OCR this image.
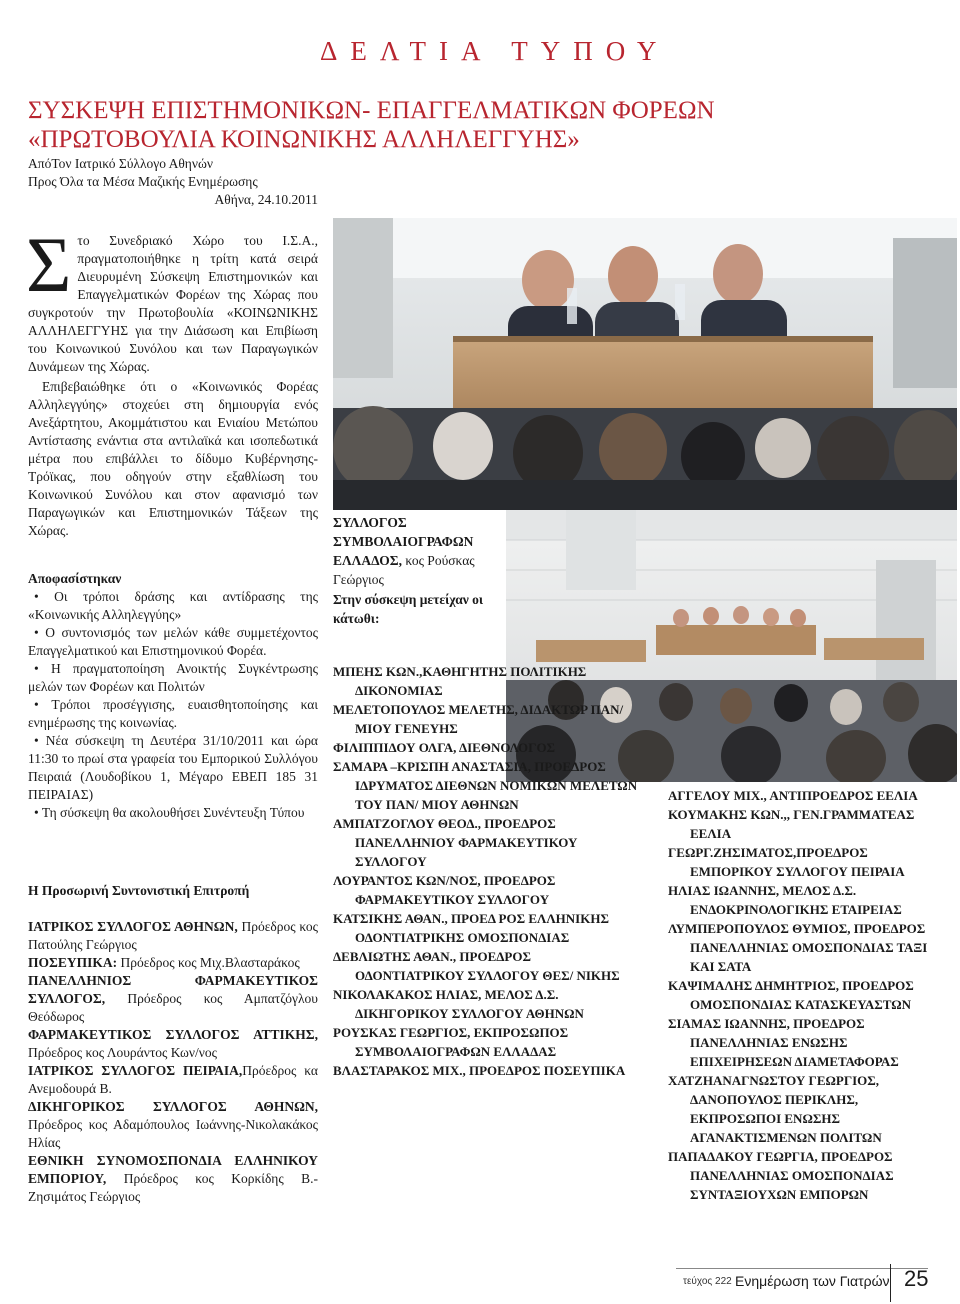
ΔΕΛΤΙΑ ΤΥΠΟΥ
ΣΥΣΚΕΨΗ ΕΠΙΣΤΗΜΟΝΙΚΩΝ- ΕΠΑΓΓΕΛΜΑΤΙΚΩΝ ΦΟΡΕΩΝ
«ΠΡΩΤΟΒΟΥΛΙΑ ΚΟΙΝΩΝΙΚΗΣ ΑΛΛΗΛΕΓΓΥΗΣ»
ΑπόΤον Ιατρικό Σύλλογο Αθηνών
Προς Όλα τα Μέσα Μαζικής Ενημέρωσης
Αθήνα, 24.10.2011
Σ το Συνεδριακό Χώρο του Ι.Σ.Α., πραγματοποιήθηκε η τρίτη κατά σειρά Διευρυμένη Σύσκεψη Επιστημονικών και Επαγγελματικών Φορέων της Χώρας που συγκροτούν την Πρωτοβουλία «ΚΟΙΝΩΝΙΚΗΣ ΑΛΛΗΛΕΓΓΥΗΣ για την Διάσωση και Επιβίωση του Κοινωνικού Συνόλου και των Παραγωγικών Δυνάμεων της Χώρας.
Επιβεβαιώθηκε ότι ο «Κοινωνικός Φορέας Αλληλεγγύης» στοχεύει στη δημιουργία ενός Ανεξάρτητου, Ακομμάτιστου και Ενιαίου Μετώπου Αντίστασης ενάντια στα αντιλαϊκά και ισοπεδωτικά μέτρα που επιβάλλει το δίδυμο Κυβέρνησης-Τρόϊκας, που οδηγούν στην εξαθλίωση του Κοινωνικού Συνόλου και στον αφανισμό των Παραγωγικών και Επιστημονικών Τάξεων της Χώρας.

Αποφασίστηκαν

• Οι τρόποι δράσης και αντίδρασης της «Κοινωνικής Αλληλεγγύης»

• Ο συντονισμός των μελών κάθε συμμετέχοντος Επαγγελματικού και Επιστημονικού Φορέα.

• Η πραγματοποίηση Ανοικτής Συγκέντρωσης μελών των Φορέων και Πολιτών

• Τρόποι προσέγγισης, ευαισθητοποίησης και ενημέρωσης της κοινωνίας.

• Νέα σύσκεψη τη Δευτέρα 31/10/2011 και ώρα 11:30 το πρωί στα γραφεία του Εμπορικού Συλλόγου Πειραιά (Λουδοβίκου 1, Μέγαρο ΕΒΕΠ 185 31 ΠΕΙΡΑΙΑΣ)

• Τη σύσκεψη θα ακολουθήσει Συνέντευξη Τύπου

Η Προσωρινή Συντονιστική Επιτροπή

ΙΑΤΡΙΚΟΣ ΣΥΛΛΟΓΟΣ ΑΘΗΝΩΝ, Πρόεδρος κος Πατούλης Γεώργιος

ΠΟΣΕΥΠΙΚΑ: Πρόεδρος κος Μιχ.Βλασταράκος

ΠΑΝΕΛΛΗΝΙΟΣ ΦΑΡΜΑΚΕΥΤΙΚΟΣ ΣΥΛΛΟΓΟΣ, Πρόεδρος κος Αμπατζόγλου Θεόδωρος

ΦΑΡΜΑΚΕΥΤΙΚΟΣ ΣΥΛΛΟΓΟΣ ΑΤΤΙΚΗΣ, Πρόεδρος κος Λουράντος Κων/νος

ΙΑΤΡΙΚΟΣ ΣΥΛΛΟΓΟΣ ΠΕΙΡΑΙΑ,Πρόεδρος κα Ανεμοδουρά Β.

ΔΙΚΗΓΟΡΙΚΟΣ ΣΥΛΛΟΓΟΣ ΑΘΗΝΩΝ, Πρόεδρος κος Αδαμόπουλος Ιωάννης-Νικολακάκος Ηλίας

ΕΘΝΙΚΗ ΣΥΝΟΜΟΣΠΟΝΔΙΑ ΕΛΛΗΝΙΚΟΥ ΕΜΠΟΡΙΟΥ, Πρόεδρος κος Κορκίδης Β.-Ζησιμάτος Γεώργιος

ΣΥΛΛΟΓΟΣ ΣΥΜΒΟΛΑΙΟΓΡΑΦΩΝ ΕΛΛΑΔΟΣ, κος Ρούσκας Γεώργιος
Στην σύσκεψη μετείχαν οι κάτωθι:

ΜΠΕΗΣ ΚΩΝ.,ΚΑΘΗΓΗΤΗΣ ΠΟΛΙΤΙΚΗΣ ΔΙΚΟΝΟΜΙΑΣ

ΜΕΛΕΤΟΠΟΥΛΟΣ ΜΕΛΕΤΗΣ, ΔΙΔΑΚΤΩΡ ΠΑΝ/ ΜΙΟΥ ΓΕΝΕΥΗΣ

ΦΙΛΙΠΠΙΔΟΥ ΟΛΓΑ, ΔΙΕΘΝΟΛΟΓΟΣ

ΣΑΜΑΡΑ –ΚΡΙΣΠΗ ΑΝΑΣΤΑΣΙΑ, ΠΡΟΕΔΡΟΣ ΙΔΡΥΜΑΤΟΣ ΔΙΕΘΝΩΝ ΝΟΜΙΚΩΝ ΜΕΛΕΤΩΝ ΤΟΥ ΠΑΝ/ ΜΙΟΥ ΑΘΗΝΩΝ

ΑΜΠΑΤΖΟΓΛΟΥ ΘΕΟΔ., ΠΡΟΕΔΡΟΣ ΠΑΝΕΛΛΗΝΙΟΥ ΦΑΡΜΑΚΕΥΤΙΚΟΥ ΣΥΛΛΟΓΟΥ

ΛΟΥΡΑΝΤΟΣ ΚΩΝ/ΝΟΣ, ΠΡΟΕΔΡΟΣ ΦΑΡΜΑΚΕΥΤΙΚΟΥ ΣΥΛΛΟΓΟΥ

ΚΑΤΣΙΚΗΣ ΑΘΑΝ., ΠΡΟΕΔ ΡΟΣ ΕΛΛΗΝΙΚΗΣ ΟΔΟΝΤΙΑΤΡΙΚΗΣ ΟΜΟΣΠΟΝΔΙΑΣ

ΔΕΒΛΙΩΤΗΣ ΑΘΑΝ., ΠΡΟΕΔΡΟΣ ΟΔΟΝΤΙΑΤΡΙΚΟΥ ΣΥΛΛΟΓΟΥ ΘΕΣ/ ΝΙΚΗΣ

ΝΙΚΟΛΑΚΑΚΟΣ ΗΛΙΑΣ, ΜΕΛΟΣ Δ.Σ. ΔΙΚΗΓΟΡΙΚΟΥ ΣΥΛΛΟΓΟΥ ΑΘΗΝΩΝ

ΡΟΥΣΚΑΣ ΓΕΩΡΓΙΟΣ, ΕΚΠΡΟΣΩΠΟΣ ΣΥΜΒΟΛΑΙΟΓΡΑΦΩΝ ΕΛΛΑΔΑΣ

ΒΛΑΣΤΑΡΑΚΟΣ ΜΙΧ., ΠΡΟΕΔΡΟΣ ΠΟΣΕΥΠΙΚΑ

ΑΓΓΕΛΟΥ ΜΙΧ., ΑΝΤΙΠΡΟΕΔΡΟΣ ΕΕΛΙΑ

ΚΟΥΜΑΚΗΣ ΚΩΝ.,, ΓΕΝ.ΓΡΑΜΜΑΤΕΑΣ ΕΕΛΙΑ

ΓΕΩΡΓ.ΖΗΣΙΜΑΤΟΣ,ΠΡΟΕΔΡΟΣ ΕΜΠΟΡΙΚΟΥ ΣΥΛΛΟΓΟΥ ΠΕΙΡΑΙΑ

ΗΛΙΑΣ ΙΩΑΝΝΗΣ, ΜΕΛΟΣ Δ.Σ. ΕΝΔΟΚΡΙΝΟΛΟΓΙΚΗΣ ΕΤΑΙΡΕΙΑΣ

ΛΥΜΠΕΡΟΠΟΥΛΟΣ ΘΥΜΙΟΣ, ΠΡΟΕΔΡΟΣ ΠΑΝΕΛΛΗΝΙΑΣ ΟΜΟΣΠΟΝΔΙΑΣ ΤΑΞΙ ΚΑΙ ΣΑΤΑ

ΚΑΨΙΜΑΛΗΣ ΔΗΜΗΤΡΙΟΣ, ΠΡΟΕΔΡΟΣ ΟΜΟΣΠΟΝΔΙΑΣ ΚΑΤΑΣΚΕΥΑΣΤΩΝ

ΣΙΑΜΑΣ ΙΩΑΝΝΗΣ, ΠΡΟΕΔΡΟΣ ΠΑΝΕΛΛΗΝΙΑΣ ΕΝΩΣΗΣ ΕΠΙΧΕΙΡΗΣΕΩΝ ΔΙΑΜΕΤΑΦΟΡΑΣ

ΧΑΤΖΗΑΝΑΓΝΩΣΤΟΥ ΓΕΩΡΓΙΟΣ, ΔΑΝΟΠΟΥΛΟΣ ΠΕΡΙΚΛΗΣ, ΕΚΠΡΟΣΩΠΟΙ ΕΝΩΣΗΣ ΑΓΑΝΑΚΤΙΣΜΕΝΩΝ ΠΟΛΙΤΩΝ

ΠΑΠΑΔΑΚΟΥ ΓΕΩΡΓΙΑ, ΠΡΟΕΔΡΟΣ ΠΑΝΕΛΛΗΝΙΑΣ ΟΜΟΣΠΟΝΔΙΑΣ ΣΥΝΤΑΞΙΟΥΧΩΝ ΕΜΠΟΡΩΝ

τεύχος 222 Ενημέρωση των Γιατρών 25
